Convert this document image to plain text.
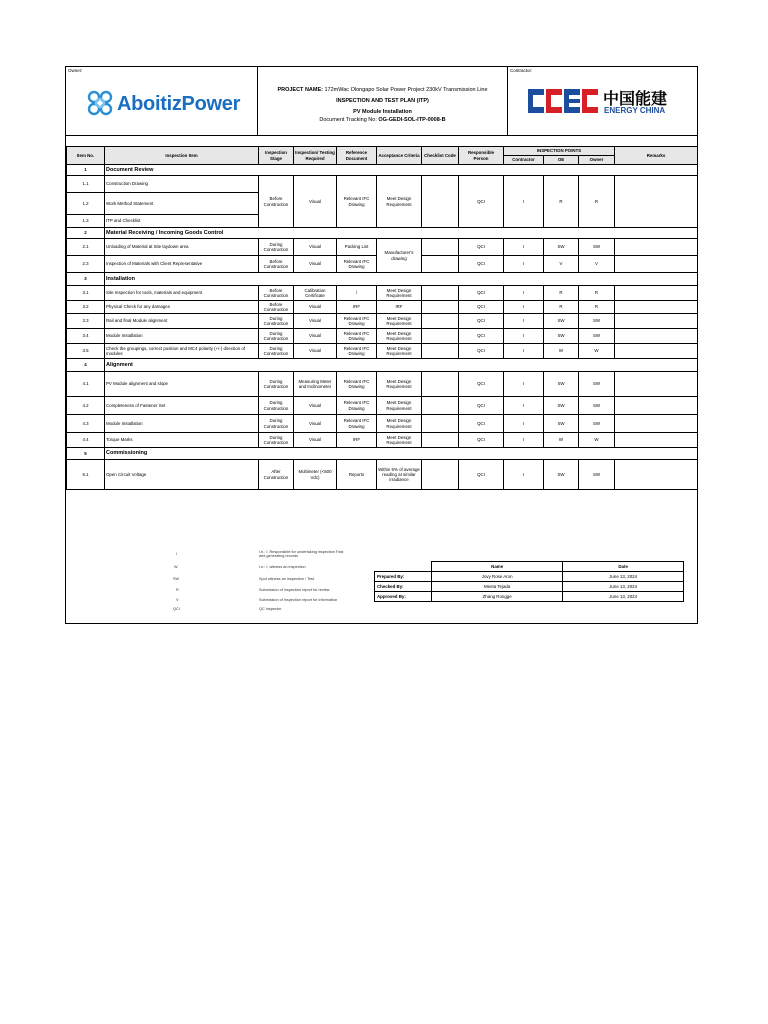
Owner:
AboitizPower
PROJECT NAME: 172mWac Olongapo Solar Power Project 230kV Transmission Line
INSPECTION AND TEST PLAN (ITP)
PV Module Installation
Document Tracking No: OG-GEDI-SOL-ITP-0008-B
Contractor:
中国能建
ENERGY CHINA
Item No.	Inspection Item	Inspection Stage	Inspection/ Testing Required	Reference Document	Acceptance Criteria	Checklist Code	Responsible Person	INSPECTION POINTS			Remarks
								Contractor	OE	Owner	
1	Document Review										
1.1	Construction Drawing	Before Construction	Visual	Relevant IFC Drawing	Meet Design Requirement		QCI	I	R	R	
1.2	Work Method Statement										
1.3	ITP and Checklist										
2	Material Receiving / Incoming Goods Control										
2.1	Unloading of Material at Site laydown area	During Construction	Visual	Packing List	Manufacturer's drawing		QCI	I	SW	SW	
2.3	Inspection of Materials with Client Representative	Before Construction	Visual	Relevant IFC Drawing			QCI	I	V	V	
3	Installation										
3.1	Site Inspection for tools, materials and equipment	Before Construction	Calibration Certificate	/	Meet Design Requirement		QCI	I	R	R	
3.2	Physical Check for any damages	Before Construction	Visual	IRF	IRF		QCI	I	R	R	
3.3	Rail and final Module alignment	During Construction	Visual	Relevant IFC Drawing	Meet Design Requirement		QCI	I	SW	SW	
3.4	Module Installation	During Construction	Visual	Relevant IFC Drawing	Meet Design Requirement		QCI	I	SW	SW	
3.5	Check the groupings, correct position and MC4 polarity (+/-) direction of modules	During Construction	Visual	Relevant IFC Drawing	Meet Design Requirement		QCI	I	W	W	
4	Alignment										
4.1	PV Module alignment and slope	During Construction	Measuring Meter and Inclinometer	Relevant IFC Drawing	Meet Design Requirement		QCI	I	SW	SW	
4.2	Completeness of Fastener Set	During Construction	Visual	Relevant IFC Drawing	Meet Design Requirement		QCI	I	SW	SW	
4.3	Module Installation	During Construction	Visual	Relevant IFC Drawing	Meet Design Requirement		QCI	I	SW	SW	
4.4	Torque Marks	During Construction	Visual	IRF	Meet Design Requirement		QCI	I	W	W	
5	Commissioning										
5.1	Open Circuit Voltage	After Construction	Multimeter (<500 Vdc)	Reports	Within 5% of average reading at similar irradiance		QCI	I	SW	SW	
I	I.e.: I, Responsible for undertaking inspection Fast and generating records
W	I.e.: I, witness an inspection
SW	Spot witness an inspection / Test
R	Submission of inspection report for review
V	Submission of inspection report for information
QCI	QC Inspector
	Name	Date
Prepared By:	Jovy Rose Aron	June 13, 2024
Checked By:	Meeta Tejada	June 13, 2024
Approved By:	Zhang Rongge	June 13, 2024
